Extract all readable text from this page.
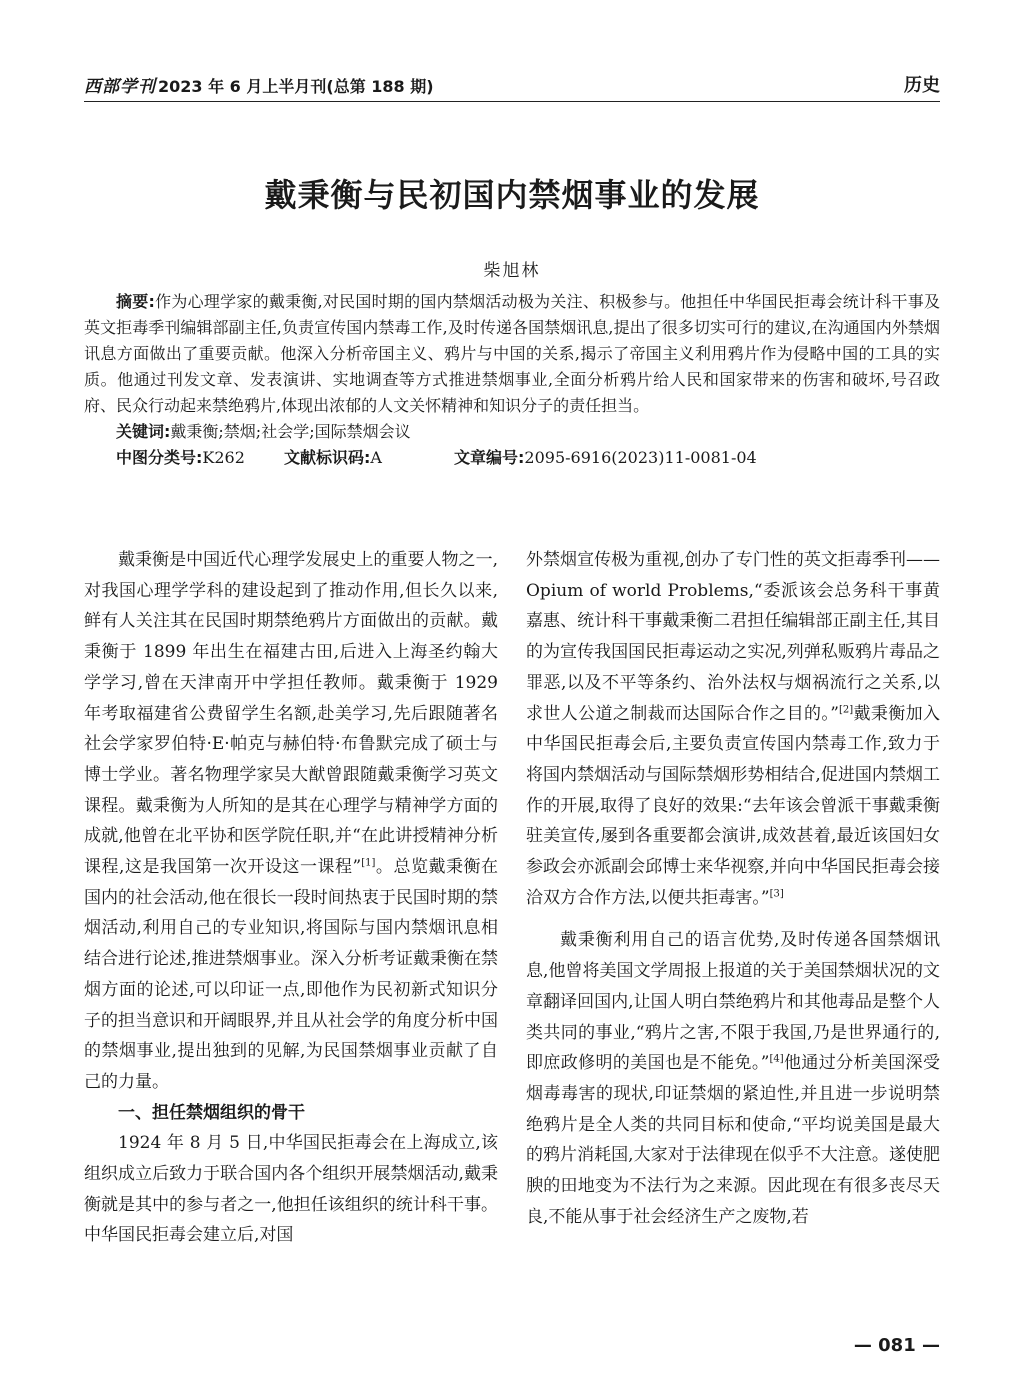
西部学刊 2023 年 6 月上半月刊(总第 188 期)	历史
戴秉衡与民初国内禁烟事业的发展
柴旭林

摘要:作为心理学家的戴秉衡,对民国时期的国内禁烟活动极为关注、积极参与。他担任中华国民拒毒会统计科干事及英文拒毒季刊编辑部副主任,负责宣传国内禁毒工作,及时传递各国禁烟讯息,提出了很多切实可行的建议,在沟通国内外禁烟讯息方面做出了重要贡献。他深入分析帝国主义、鸦片与中国的关系,揭示了帝国主义利用鸦片作为侵略中国的工具的实质。他通过刊发文章、发表演讲、实地调查等方式推进禁烟事业,全面分析鸦片给人民和国家带来的伤害和破坏,号召政府、民众行动起来禁绝鸦片,体现出浓郁的人文关怀精神和知识分子的责任担当。

关键词:戴秉衡;禁烟;社会学;国际禁烟会议

中图分类号:K262	文献标识码:A	文章编号:2095-6916(2023)11-0081-04

戴秉衡是中国近代心理学发展史上的重要人物之一,对我国心理学学科的建设起到了推动作用,但长久以来,鲜有人关注其在民国时期禁绝鸦片方面做出的贡献。戴秉衡于 1899 年出生在福建古田,后进入上海圣约翰大学学习,曾在天津南开中学担任教师。戴秉衡于 1929 年考取福建省公费留学生名额,赴美学习,先后跟随著名社会学家罗伯特·E·帕克与赫伯特·布鲁默完成了硕士与博士学业。著名物理学家吴大猷曾跟随戴秉衡学习英文课程。戴秉衡为人所知的是其在心理学与精神学方面的成就,他曾在北平协和医学院任职,并“在此讲授精神分析课程,这是我国第一次开设这一课程”[1]。总览戴秉衡在国内的社会活动,他在很长一段时间热衷于民国时期的禁烟活动,利用自己的专业知识,将国际与国内禁烟讯息相结合进行论述,推进禁烟事业。深入分析考证戴秉衡在禁烟方面的论述,可以印证一点,即他作为民初新式知识分子的担当意识和开阔眼界,并且从社会学的角度分析中国的禁烟事业,提出独到的见解,为民国禁烟事业贡献了自己的力量。

一、担任禁烟组织的骨干

1924 年 8 月 5 日,中华国民拒毒会在上海成立,该组织成立后致力于联合国内各个组织开展禁烟活动,戴秉衡就是其中的参与者之一,他担任该组织的统计科干事。中华国民拒毒会建立后,对国

外禁烟宣传极为重视,创办了专门性的英文拒毒季刊——Opium of world Problems,“委派该会总务科干事黄嘉惠、统计科干事戴秉衡二君担任编辑部正副主任,其目的为宣传我国国民拒毒运动之实况,列弹私贩鸦片毒品之罪恶,以及不平等条约、治外法权与烟祸流行之关系,以求世人公道之制裁而达国际合作之目的。”[2]戴秉衡加入中华国民拒毒会后,主要负责宣传国内禁毒工作,致力于将国内禁烟活动与国际禁烟形势相结合,促进国内禁烟工作的开展,取得了良好的效果:“去年该会曾派干事戴秉衡驻美宣传,屡到各重要都会演讲,成效甚着,最近该国妇女参政会亦派副会邱博士来华视察,并向中华国民拒毒会接洽双方合作方法,以便共拒毒害。”[3]

戴秉衡利用自己的语言优势,及时传递各国禁烟讯息,他曾将美国文学周报上报道的关于美国禁烟状况的文章翻译回国内,让国人明白禁绝鸦片和其他毒品是整个人类共同的事业,“鸦片之害,不限于我国,乃是世界通行的,即庶政修明的美国也是不能免。”[4]他通过分析美国深受烟毒毒害的现状,印证禁烟的紧迫性,并且进一步说明禁绝鸦片是全人类的共同目标和使命,“平均说美国是最大的鸦片消耗国,大家对于法律现在似乎不大注意。遂使肥腴的田地变为不法行为之来源。因此现在有很多丧尽天良,不能从事于社会经济生产之废物,若

— 081 —
